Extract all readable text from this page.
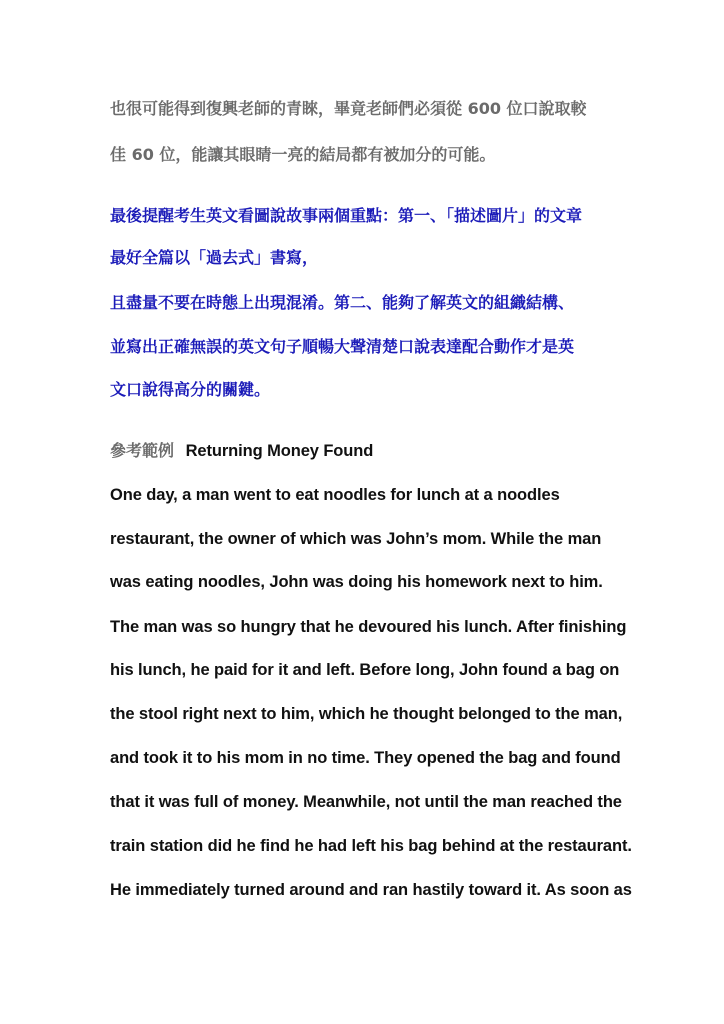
也很可能得到復興老師的青睞，畢竟老師們必須從 600 位口說取較
佳 60 位，能讓其眼睛一亮的結局都有被加分的可能。
最後提醒考生英文看圖說故事兩個重點：第一、「描述圖片」的文章
最好全篇以「過去式」書寫，
且盡量不要在時態上出現混淆。第二、能夠了解英文的組織結構、
並寫出正確無誤的英文句子順暢大聲清楚口說表達配合動作才是英
文口說得高分的關鍵。
參考範例 Returning Money Found
One day, a man went to eat noodles for lunch at a noodles
restaurant, the owner of which was John’s mom. While the man
was eating noodles, John was doing his homework next to him.
The man was so hungry that he devoured his lunch. After finishing
his lunch, he paid for it and left. Before long, John found a bag on
the stool right next to him, which he thought belonged to the man,
and took it to his mom in no time. They opened the bag and found
that it was full of money. Meanwhile, not until the man reached the
train station did he find he had left his bag behind at the restaurant.
He immediately turned around and ran hastily toward it. As soon as
